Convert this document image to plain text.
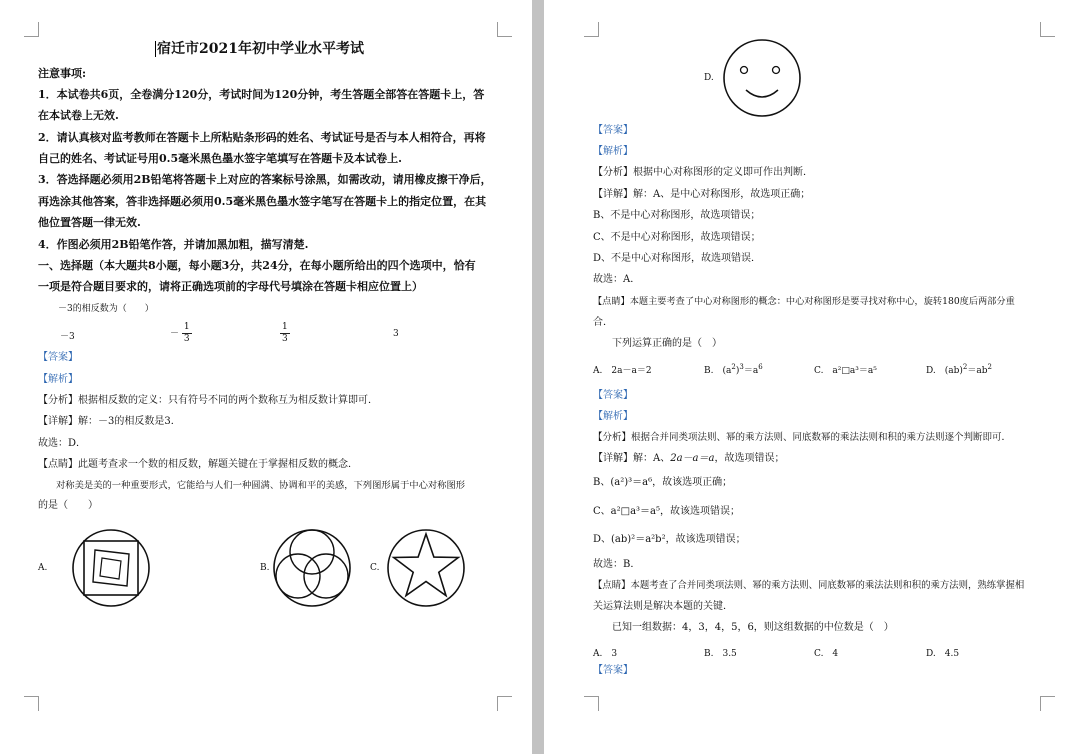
宿迁市2021年初中学业水平考试
注意事项:
1．本试卷共6页，全卷满分120分，考试时间为120分钟，考生答题全部答在答题卡上，答
在本试卷上无效.
2．请认真核对监考教师在答题卡上所粘贴条形码的姓名、考试证号是否与本人相符合，再将
自己的姓名、考试证号用0.5毫米黑色墨水签字笔填写在答题卡及本试卷上.
3．答选择题必须用2B铅笔将答题卡上对应的答案标号涂黑，如需改动，请用橡皮擦干净后，
再选涂其他答案，答非选择题必须用0.5毫米黑色墨水签字笔写在答题卡上的指定位置，在其
他位置答题一律无效.
4．作图必须用2B铅笔作答，并请加黑加粗，描写清楚.
一、选择题（本大题共8小题，每小题3分，共24分，在每小题所给出的四个选项中，恰有
一项是符合题目要求的，请将正确选项前的字母代号填涂在答题卡相应位置上）
－3的相反数为（　　）
－3	－ $\frac{1}{3}$	$\frac{1}{3}$	3
【答案】
【解析】
【分析】根据相反数的定义：只有符号不同的两个数称互为相反数计算即可．
【详解】解：－3的相反数是3．
故选：D．
【点睛】此题考查求一个数的相反数，解题关键在于掌握相反数的概念．
对称美是美的一种重要形式，它能给与人们一种圆满、协调和平的美感，下列图形属于中心对称图形
的是（　　）
A.	B.	C.
D.
【答案】
【解析】
【分析】根据中心对称图形的定义即可作出判断．
【详解】解：A、是中心对称图形，故选项正确；
B、不是中心对称图形，故选项错误；
C、不是中心对称图形，故选项错误；
D、不是中心对称图形，故选项错误．
故选：A．
【点睛】本题主要考查了中心对称图形的概念：中心对称图形是要寻找对称中心，旋转180度后两部分重
合．
下列运算正确的是（　）
A.　2a－a＝2	B.　$(a^2)^3=a^6$	C.　a²□a³＝a⁵	D.　$(ab)^2=ab^2$
【答案】
【解析】
【分析】根据合并同类项法则、幂的乘方法则、同底数幂的乘法法则和积的乘方法则逐个判断即可．
【详解】解：A、2a－a＝a，故选项错误；
B、(a²)³＝a⁶，故该选项正确；
C、a²□a³＝a⁵，故该选项错误；
D、(ab)²＝a²b²，故该选项错误；
故选：B．
【点睛】本题考查了合并同类项法则、幂的乘方法则、同底数幂的乘法法则和积的乘方法则，熟练掌握相
关运算法则是解决本题的关键．
已知一组数据：4，3，4，5，6，则这组数据的中位数是（　）
A.　3	B.　3.5	C.　4	D.　4.5
【答案】
